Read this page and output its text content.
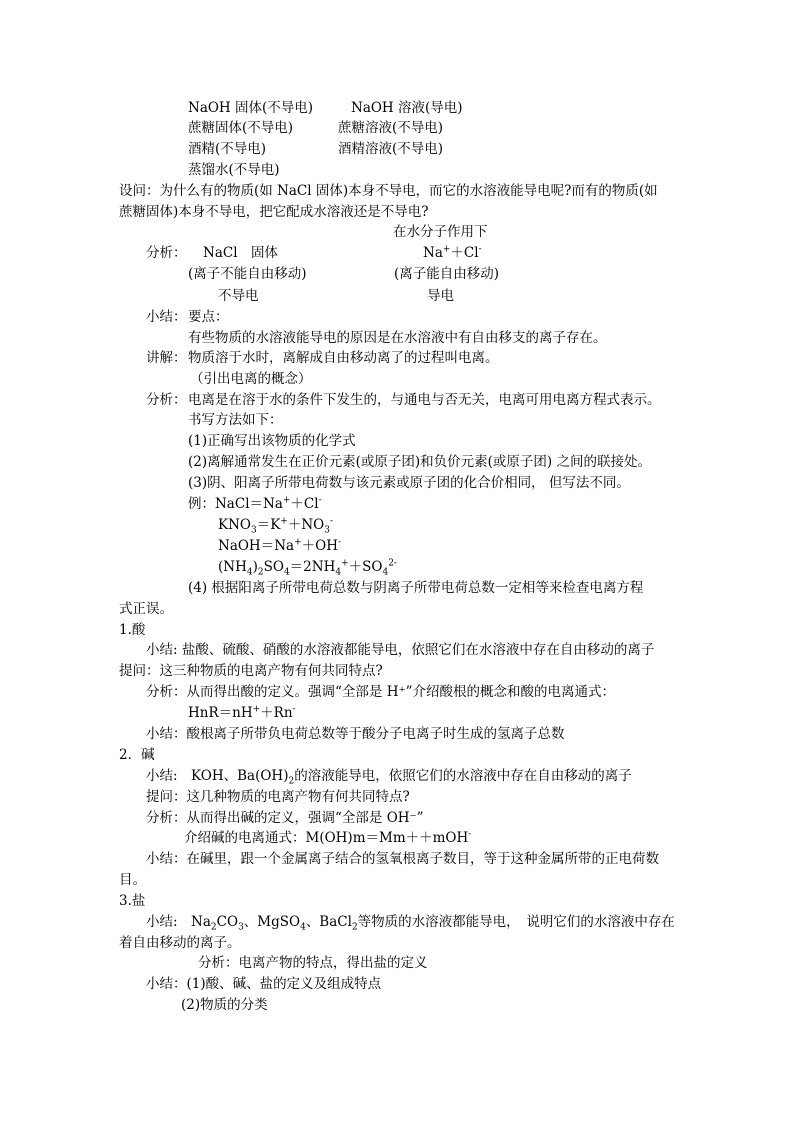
NaOH 固体(不导电)	NaOH 溶液(导电)
蔗糖固体(不导电)	蔗糖溶液(不导电)
酒精(不导电)	酒精溶液(不导电)
蒸馏水(不导电)
设问：为什么有的物质(如 NaCl 固体)本身不导电，而它的水溶液能导电呢?而有的物质(如
蔗糖固体)本身不导电，把它配成水溶液还是不导电?
在水分子作用下
分析： NaCl　固体	Na+＋Cl-
(离子不能自由移动)	(离子能自由移动)
不导电	导电
小结： 要点：
有些物质的水溶液能导电的原因是在水溶液中有自由移支的离子存在。
讲解： 物质溶于水时，离解成自由移动离了的过程叫电离。
（引出电离的概念）
分析： 电离是在溶于水的条件下发生的，与通电与否无关，电离可用电离方程式表示。
书写方法如下：
(1)正确写出该物质的化学式
(2)离解通常发生在正价元素(或原子团)和负价元素(或原子团) 之间的联接处。
(3)阴、阳离子所带电荷数与该元素或原子团的化合价相同， 但写法不同。
例：NaCl＝Na+＋Cl-
$KNO_3=K^++NO_3^-$
NaOH＝Na+＋OH-
$(NH_4)_2SO_4=2NH_4^++SO_4^{2-}$
(4) 根据阳离子所带电荷总数与阴离子所带电荷总数一定相等来检查电离方程
式正误。
1.酸
小结: 盐酸、硫酸、硝酸的水溶液都能导电，依照它们在水溶液中存在自由移动的离子
提问：这三种物质的电离产物有何共同特点?
分析：从而得出酸的定义。强调“全部是 H⁺”介绍酸根的概念和酸的电离通式：
HnR＝nH+＋Rn-
小结：酸根离子所带负电荷总数等于酸分子电离子时生成的氢离子总数
2．碱
小结:　KOH、$Ba(OH)_2$的溶液能导电，依照它们的水溶液中存在自由移动的离子
提问：这几种物质的电离产物有何共同特点?
分析：从而得出碱的定义，强调“全部是 OH⁻”
介绍碱的电离通式：M(OH)m＝Mm＋＋mOH-
小结：在碱里，跟一个金属离子结合的氢氧根离子数目，等于这种金属所带的正电荷数
目。
3.盐
小结:　$Na_2CO_3$、MgSO$_4$、BaCl$_2$等物质的水溶液都能导电，　说明它们的水溶液中存在
着自由移动的离子。
分析：电离产物的特点，得出盐的定义
小结：(1)酸、碱、盐的定义及组成特点
(2)物质的分类
